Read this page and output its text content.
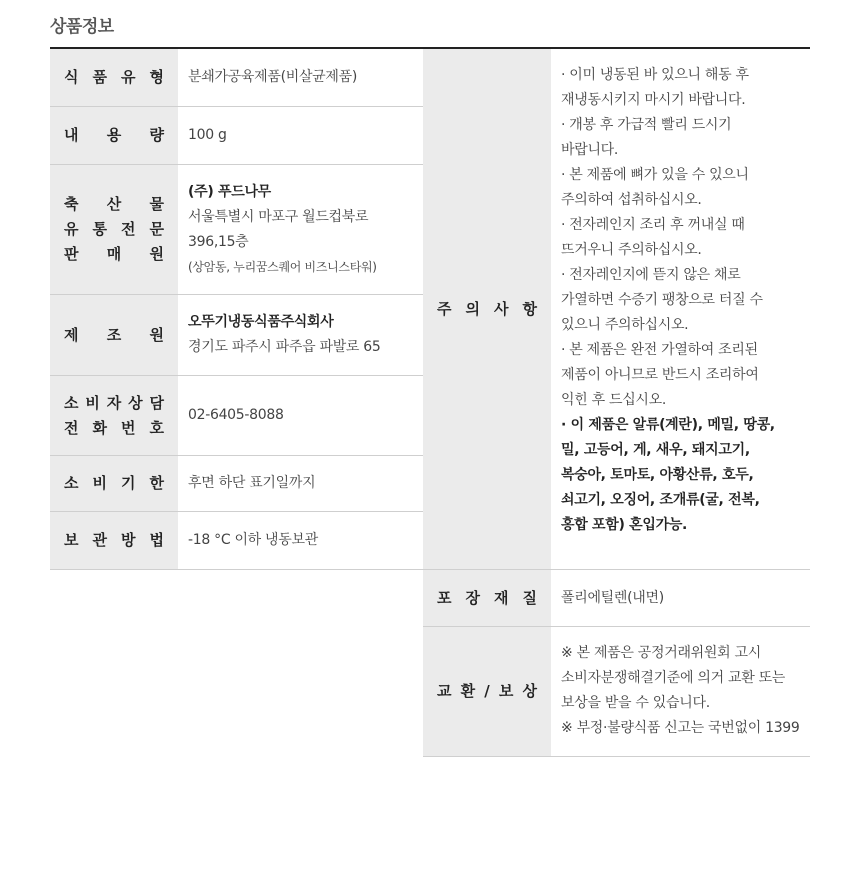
상품정보
식 품 유 형 분쇄가공육제품(비살균제품)
내 용 량 100 g
축 산 물
유 통 전 문
판 매 원
(주) 푸드나무
서울특별시 마포구 월드컵북로 396,15층
(상암동, 누리꿈스퀘어 비즈니스타워)
제 조 원
오뚜기냉동식품주식회사
경기도 파주시 파주읍 파발로 65
소 비 자 상 담
전 화 번 호
02-6405-8088
소 비 기 한 후면 하단 표기일까지
보 관 방 법 -18 °C 이하 냉동보관
주 의 사 항
· 이미 냉동된 바 있으니 해동 후
재냉동시키지 마시기 바랍니다.
· 개봉 후 가급적 빨리 드시기
바랍니다.
· 본 제품에 뼈가 있을 수 있으니
주의하여 섭취하십시오.
· 전자레인지 조리 후 꺼내실 때
뜨거우니 주의하십시오.
· 전자레인지에 뜯지 않은 채로
가열하면 수증기 팽창으로 터질 수
있으니 주의하십시오.
· 본 제품은 완전 가열하여 조리된
제품이 아니므로 반드시 조리하여
익힌 후 드십시오.
· 이 제품은 알류(계란), 메밀, 땅콩,
밀, 고등어, 게, 새우, 돼지고기,
복숭아, 토마토, 아황산류, 호두,
쇠고기, 오징어, 조개류(굴, 전복,
홍합 포함) 혼입가능.
포 장 재 질 폴리에틸렌(내면)
교 환 / 보 상
※ 본 제품은 공정거래위원회 고시
소비자분쟁해결기준에 의거 교환 또는
보상을 받을 수 있습니다.
※ 부정·불량식품 신고는 국번없이 1399
